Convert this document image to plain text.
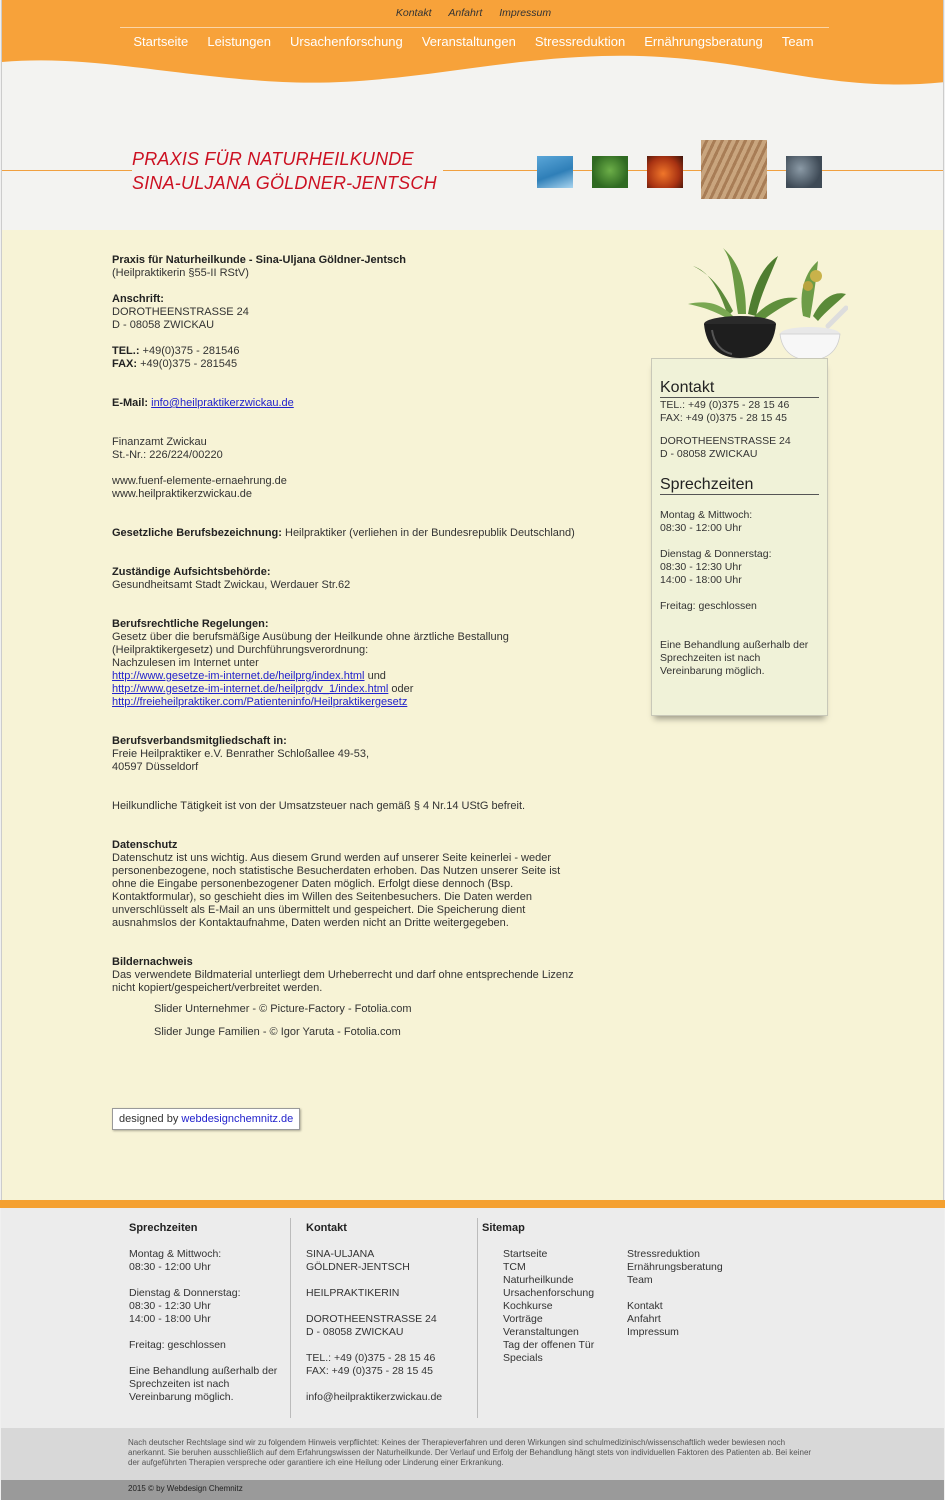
Kontakt Anfahrt Impressum
Startseite Leistungen Ursachenforschung Veranstaltungen Stressreduktion Ernährungsberatung Team
PRAXIS FÜR NATURHEILKUNDE
SINA-ULJANA GÖLDNER-JENTSCH

Praxis für Naturheilkunde - Sina-Uljana Göldner-Jentsch

(Heilpraktikerin §55-II RStV)

Anschrift:

DOROTHEENSTRASSE 24

D - 08058 ZWICKAU

TEL.: +49(0)375 - 281546

FAX: +49(0)375 - 281545

E-Mail: info@heilpraktikerzwickau.de

Finanzamt Zwickau

St.-Nr.: 226/224/00220

www.fuenf-elemente-ernaehrung.de

www.heilpraktikerzwickau.de

Gesetzliche Berufsbezeichnung: Heilpraktiker (verliehen in der Bundesrepublik Deutschland)

Zuständige Aufsichtsbehörde:

Gesundheitsamt Stadt Zwickau, Werdauer Str.62

Berufsrechtliche Regelungen:

Gesetz über die berufsmäßige Ausübung der Heilkunde ohne ärztliche Bestallung

(Heilpraktikergesetz) und Durchführungsverordnung:

Nachzulesen im Internet unter

http://www.gesetze-im-internet.de/heilprg/index.html und

http://www.gesetze-im-internet.de/heilprgdv_1/index.html oder

http://freieheilpraktiker.com/Patienteninfo/Heilpraktikergesetz

Berufsverbandsmitgliedschaft in:

Freie Heilpraktiker e.V. Benrather Schloßallee 49-53,

40597 Düsseldorf

Heilkundliche Tätigkeit ist von der Umsatzsteuer nach gemäß § 4 Nr.14 UStG befreit.

Datenschutz

Datenschutz ist uns wichtig. Aus diesem Grund werden auf unserer Seite keinerlei - weder

personenbezogene, noch statistische Besucherdaten erhoben. Das Nutzen unserer Seite ist

ohne die Eingabe personenbezogener Daten möglich. Erfolgt diese dennoch (Bsp.

Kontaktformular), so geschieht dies im Willen des Seitenbesuchers. Die Daten werden

unverschlüsselt als E-Mail an uns übermittelt und gespeichert. Die Speicherung dient

ausnahmslos der Kontaktaufnahme, Daten werden nicht an Dritte weitergegeben.

Bildernachweis

Das verwendete Bildmaterial unterliegt dem Urheberrecht und darf ohne entsprechende Lizenz

nicht kopiert/gespeichert/verbreitet werden.

Slider Unternehmer - © Picture-Factory - Fotolia.com

Slider Junge Familien - © Igor Yaruta - Fotolia.com

designed by webdesignchemnitz.de
Kontakt
TEL.: +49 (0)375 - 28 15 46
FAX: +49 (0)375 - 28 15 45
DOROTHEENSTRASSE 24
D - 08058 ZWICKAU
Sprechzeiten
Montag & Mittwoch:
08:30 - 12:00 Uhr
Dienstag & Donnerstag:
08:30 - 12:30 Uhr
14:00 - 18:00 Uhr
Freitag: geschlossen
Eine Behandlung außerhalb der
Sprechzeiten ist nach
Vereinbarung möglich.
Sprechzeiten
Montag & Mittwoch:
08:30 - 12:00 Uhr
Dienstag & Donnerstag:
08:30 - 12:30 Uhr
14:00 - 18:00 Uhr
Freitag: geschlossen
Eine Behandlung außerhalb der
Sprechzeiten ist nach
Vereinbarung möglich.
Kontakt
SINA-ULJANA
GÖLDNER-JENTSCH
HEILPRAKTIKERIN
DOROTHEENSTRASSE 24
D - 08058 ZWICKAU
TEL.: +49 (0)375 - 28 15 46
FAX: +49 (0)375 - 28 15 45
info@heilpraktikerzwickau.de
Sitemap
Startseite
TCM
Naturheilkunde
Ursachenforschung
Kochkurse
Vorträge
Veranstaltungen
Tag der offenen Tür
Specials
Stressreduktion
Ernährungsberatung
Team
Kontakt
Anfahrt
Impressum
Nach deutscher Rechtslage sind wir zu folgendem Hinweis verpflichtet: Keines der Therapieverfahren und deren Wirkungen sind schulmedizinisch/wissenschaftlich weder bewiesen noch anerkannt. Sie beruhen ausschließlich auf dem Erfahrungswissen der Naturheilkunde. Der Verlauf und Erfolg der Behandlung hängt stets von individuellen Faktoren des Patienten ab. Bei keiner der aufgeführten Therapien verspreche oder garantiere ich eine Heilung oder Linderung einer Erkrankung.
2015 © by Webdesign Chemnitz
